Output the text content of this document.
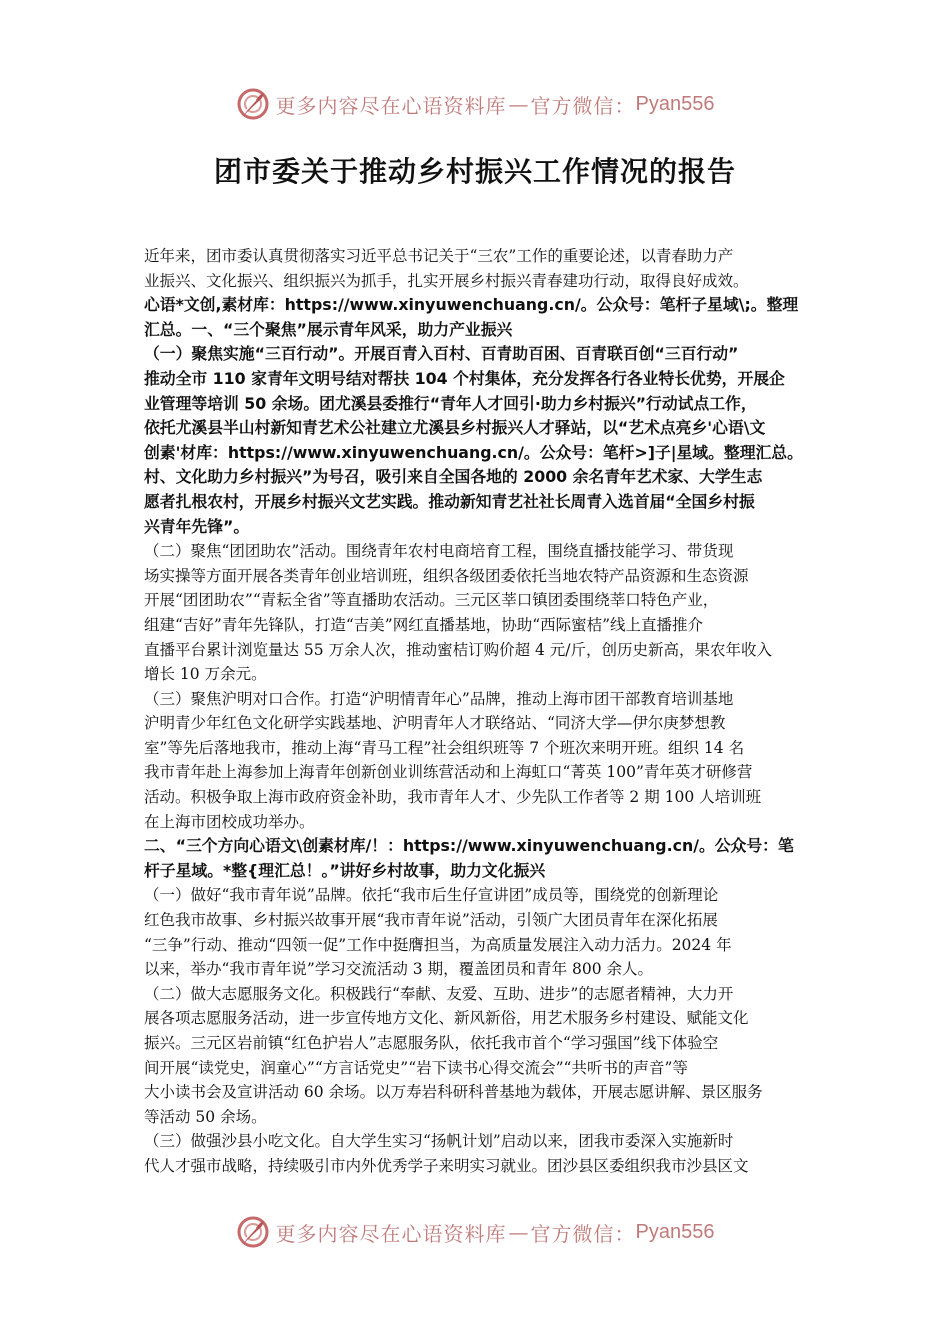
更多内容尽在心语资料库 — 官方微信： Pyan556
团市委关于推动乡村振兴工作情况的报告

近年来，团市委认真贯彻落实习近平总书记关于“三农”工作的重要论述，以青春助力产

业振兴、文化振兴、组织振兴为抓手，扎实开展乡村振兴青春建功行动，取得良好成效。

心语*文创,素材库：https://www.xinyuwenchuang.cn/。公众号：笔杆子星域\;。整理

汇总。一、“三个聚焦”展示青年风采，助力产业振兴

（一）聚焦实施“三百行动”。开展百青入百村、百青助百困、百青联百创“三百行动”

推动全市 110 家青年文明号结对帮扶 104 个村集体，充分发挥各行各业特长优势，开展企

业管理等培训 50 余场。团尤溪县委推行“青年人才回引·助力乡村振兴”行动试点工作，

依托尤溪县半山村新知青艺术公社建立尤溪县乡村振兴人才驿站，以“艺术点亮乡'心语\文

创素'材库：https://www.xinyuwenchuang.cn/。公众号：笔杆>]子|星域。整理汇总。

村、文化助力乡村振兴”为号召，吸引来自全国各地的 2000 余名青年艺术家、大学生志

愿者扎根农村，开展乡村振兴文艺实践。推动新知青艺社社长周青入选首届“全国乡村振

兴青年先锋”。

（二）聚焦“团团助农”活动。围绕青年农村电商培育工程，围绕直播技能学习、带货现

场实操等方面开展各类青年创业培训班，组织各级团委依托当地农特产品资源和生态资源

开展“团团助农”“青耘全省”等直播助农活动。三元区莘口镇团委围绕莘口特色产业，

组建“吉好”青年先锋队，打造“吉美”网红直播基地，协助“西际蜜桔”线上直播推介

直播平台累计浏览量达 55 万余人次，推动蜜桔订购价超 4 元/斤，创历史新高，果农年收入

增长 10 万余元。

（三）聚焦沪明对口合作。打造“沪明情青年心”品牌，推动上海市团干部教育培训基地

沪明青少年红色文化研学实践基地、沪明青年人才联络站、“同济大学—伊尔庚梦想教

室”等先后落地我市，推动上海“青马工程”社会组织班等 7 个班次来明开班。组织 14 名

我市青年赴上海参加上海青年创新创业训练营活动和上海虹口“菁英 100”青年英才研修营

活动。积极争取上海市政府资金补助，我市青年人才、少先队工作者等 2 期 100 人培训班

在上海市团校成功举办。

二、“三个方向心语文\创素材库/！：https://www.xinyuwenchuang.cn/。公众号：笔

杆子星域。*整{理汇总！。”讲好乡村故事，助力文化振兴

（一）做好“我市青年说”品牌。依托“我市后生仔宣讲团”成员等，围绕党的创新理论

红色我市故事、乡村振兴故事开展“我市青年说”活动，引领广大团员青年在深化拓展

“三争”行动、推动“四领一促”工作中挺膺担当，为高质量发展注入动力活力。2024 年

以来，举办“我市青年说”学习交流活动 3 期，覆盖团员和青年 800 余人。

（二）做大志愿服务文化。积极践行“奉献、友爱、互助、进步”的志愿者精神，大力开

展各项志愿服务活动，进一步宣传地方文化、新风新俗，用艺术服务乡村建设、赋能文化

振兴。三元区岩前镇“红色护岩人”志愿服务队，依托我市首个“学习强国”线下体验空

间开展“读党史，润童心”“方言话党史”“岩下读书心得交流会”“共听书的声音”等

大小读书会及宣讲活动 60 余场。以万寿岩科研科普基地为载体，开展志愿讲解、景区服务

等活动 50 余场。

（三）做强沙县小吃文化。自大学生实习“扬帆计划”启动以来，团我市委深入实施新时

代人才强市战略，持续吸引市内外优秀学子来明实习就业。团沙县区委组织我市沙县区文

更多内容尽在心语资料库 — 官方微信： Pyan556
